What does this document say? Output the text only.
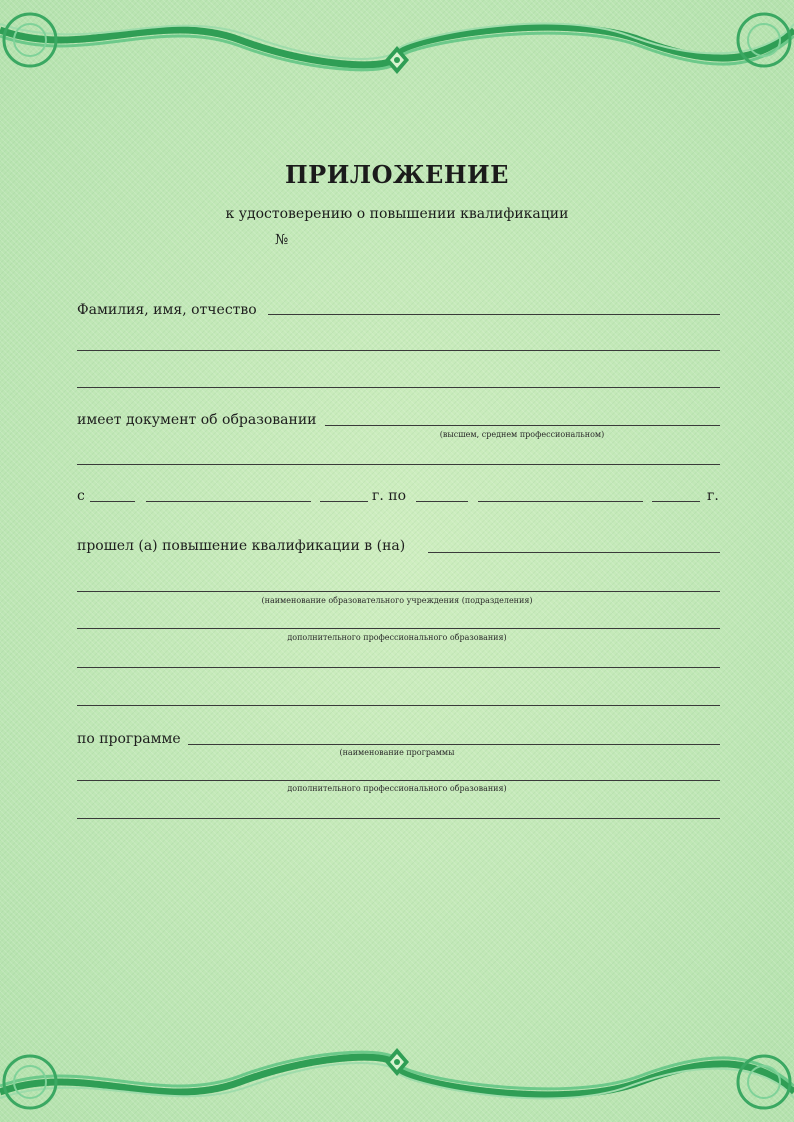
ПРИЛОЖЕНИЕ
к удостоверению о повышении квалификации
№
Фамилия, имя, отчество
имеет документ об образовании
(высшем, среднем профессиональном)
с	г. по	г.
прошел (а) повышение квалификации в (на)
(наименование образовательного учреждения (подразделения)
дополнительного профессионального образования)
по программе
(наименование программы
дополнительного профессионального образования)
